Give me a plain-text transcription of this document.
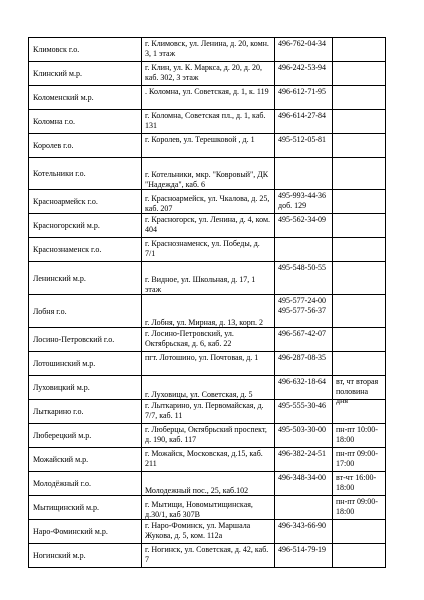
Климовск г.о.	г. Климовск, ул. Ленина, д. 20, комн. 3, 1 этаж	496-762-04-34	

Клинский м.р.	г. Клин, ул. К. Маркса, д. 20, д. 20, каб. 302, 3 этаж	496-242-53-94	

Коломенский м.р.	. Коломна, ул. Советская, д. 1, к. 119	496-612-71-95	

Коломна г.о.	г. Коломна, Советская пл., д. 1, каб. 131	496-614-27-84	

Королев г.о.	г. Королев, ул. Терешковой , д. 1	495-512-05-81	

Котельники г.о.	г. Котельники, мкр. "Ковровый", ДК "Надежда", каб. 6		

Красноармейск г.о.	г. Красноармейск, ул. Чкалова, д. 25, каб. 207	495-993-44-36 доб. 129	

Красногорский м.р.	г. Красногорск, ул. Ленина, д. 4, ком. 404	495-562-34-09	

Краснознаменск г.о.	г. Краснознаменск, ул. Победы, д. 7/1		

Ленинский м.р.	г. Видное, ул. Школьная, д. 17, 1 этаж	495-548-50-55	

Лобня г.о.	г. Лобня, ул. Мирная, д. 13, корп. 2	495-577-24-00 495-577-56-37	

Лосино-Петровский г.о.	г. Лосино-Петровский, ул. Октябрьская, д. 6, каб. 22	496-567-42-07	

Лотошинский м.р.	пгт. Лотошино, ул. Почтовая, д. 1	496-287-08-35	

Луховицкий м.р.	г. Луховицы, ул. Советская, д. 5	496-632-18-64	вт, чт вторая половина дня

Лыткарино г.о.	г. Лыткарино, ул. Первомайская, д. 7/7, каб. 11	495-555-30-46	

Люберецкий м.р.	г. Люберцы, Октябрьский проспект, д. 190, каб. 117	495-503-30-00	пн-пт 10:00-18:00

Можайский м.р.	г. Можайск, Московская, д.15, каб. 211	496-382-24-51	пн-пт 09:00-17:00

Молодёжный г.о.	Молодежный пос., 25, каб.102	496-348-34-00	вт-чт 16:00-18:00

Мытищинский м.р.	г. Мытищи, Новомытищинская, д.30/1, каб 307В		пн-пт 09:00-18:00

Наро-Фоминский м.р.	г. Наро-Фоминск, ул. Маршала Жукова, д. 5, ком. 112а	496-343-66-90	

Ногинский м.р.	г. Ногинск, ул. Советская, д. 42, каб. 7	496-514-79-19	
